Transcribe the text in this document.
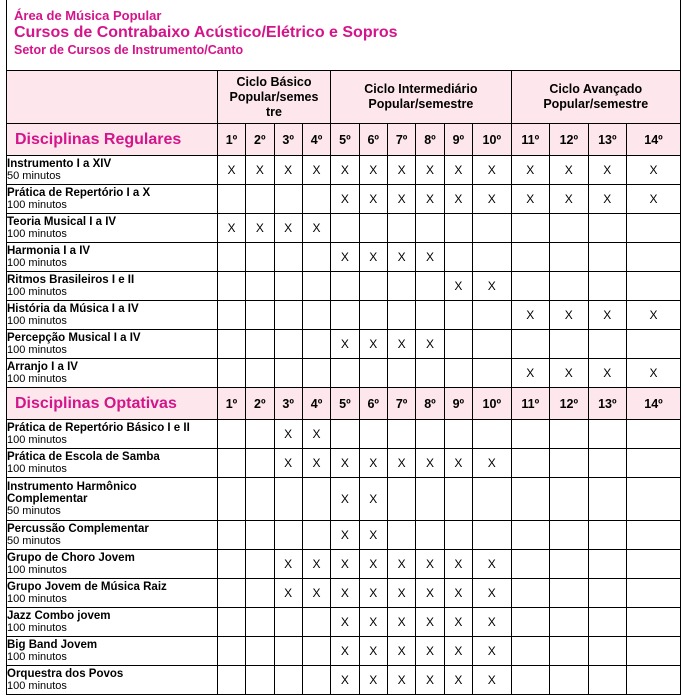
Área de Música Popular
Cursos de Contrabaixo Acústico/Elétrico e Sopros
Setor de Cursos de Instrumento/Canto
	Ciclo Básico
Popular/semes
tre				Ciclo Intermediário
Popular/semestre						Ciclo Avançado
Popular/semestre			
Disciplinas Regulares	1º	2º	3º	4º	5º	6º	7º	8º	9º	10º	11º	12º	13º	14º

Instrumento I a XIV
50 minutos	X	X	X	X	X	X	X	X	X	X	X	X	X	X

Prática de Repertório I a X
100 minutos					X	X	X	X	X	X	X	X	X	X

Teoria Musical I a IV
100 minutos	X	X	X	X										

Harmonia I a IV
100 minutos					X	X	X	X						

Ritmos Brasileiros I e II
100 minutos									X	X				

História da Música I a IV
100 minutos											X	X	X	X

Percepção Musical I a IV
100 minutos					X	X	X	X						

Arranjo I a IV
100 minutos											X	X	X	X
Disciplinas Optativas	1º	2º	3º	4º	5º	6º	7º	8º	9º	10º	11º	12º	13º	14º

Prática de Repertório Básico I e II
100 minutos			X	X										

Prática de Escola de Samba
100 minutos			X	X	X	X	X	X	X	X				

Instrumento Harmônico Complementar
50 minutos					X	X								

Percussão Complementar
50 minutos					X	X								

Grupo de Choro Jovem
100 minutos			X	X	X	X	X	X	X	X				

Grupo Jovem de Música Raiz
100 minutos			X	X	X	X	X	X	X	X				

Jazz Combo jovem
100 minutos					X	X	X	X	X	X				

Big Band Jovem
100 minutos					X	X	X	X	X	X				

Orquestra dos Povos
100 minutos					X	X	X	X	X	X				
